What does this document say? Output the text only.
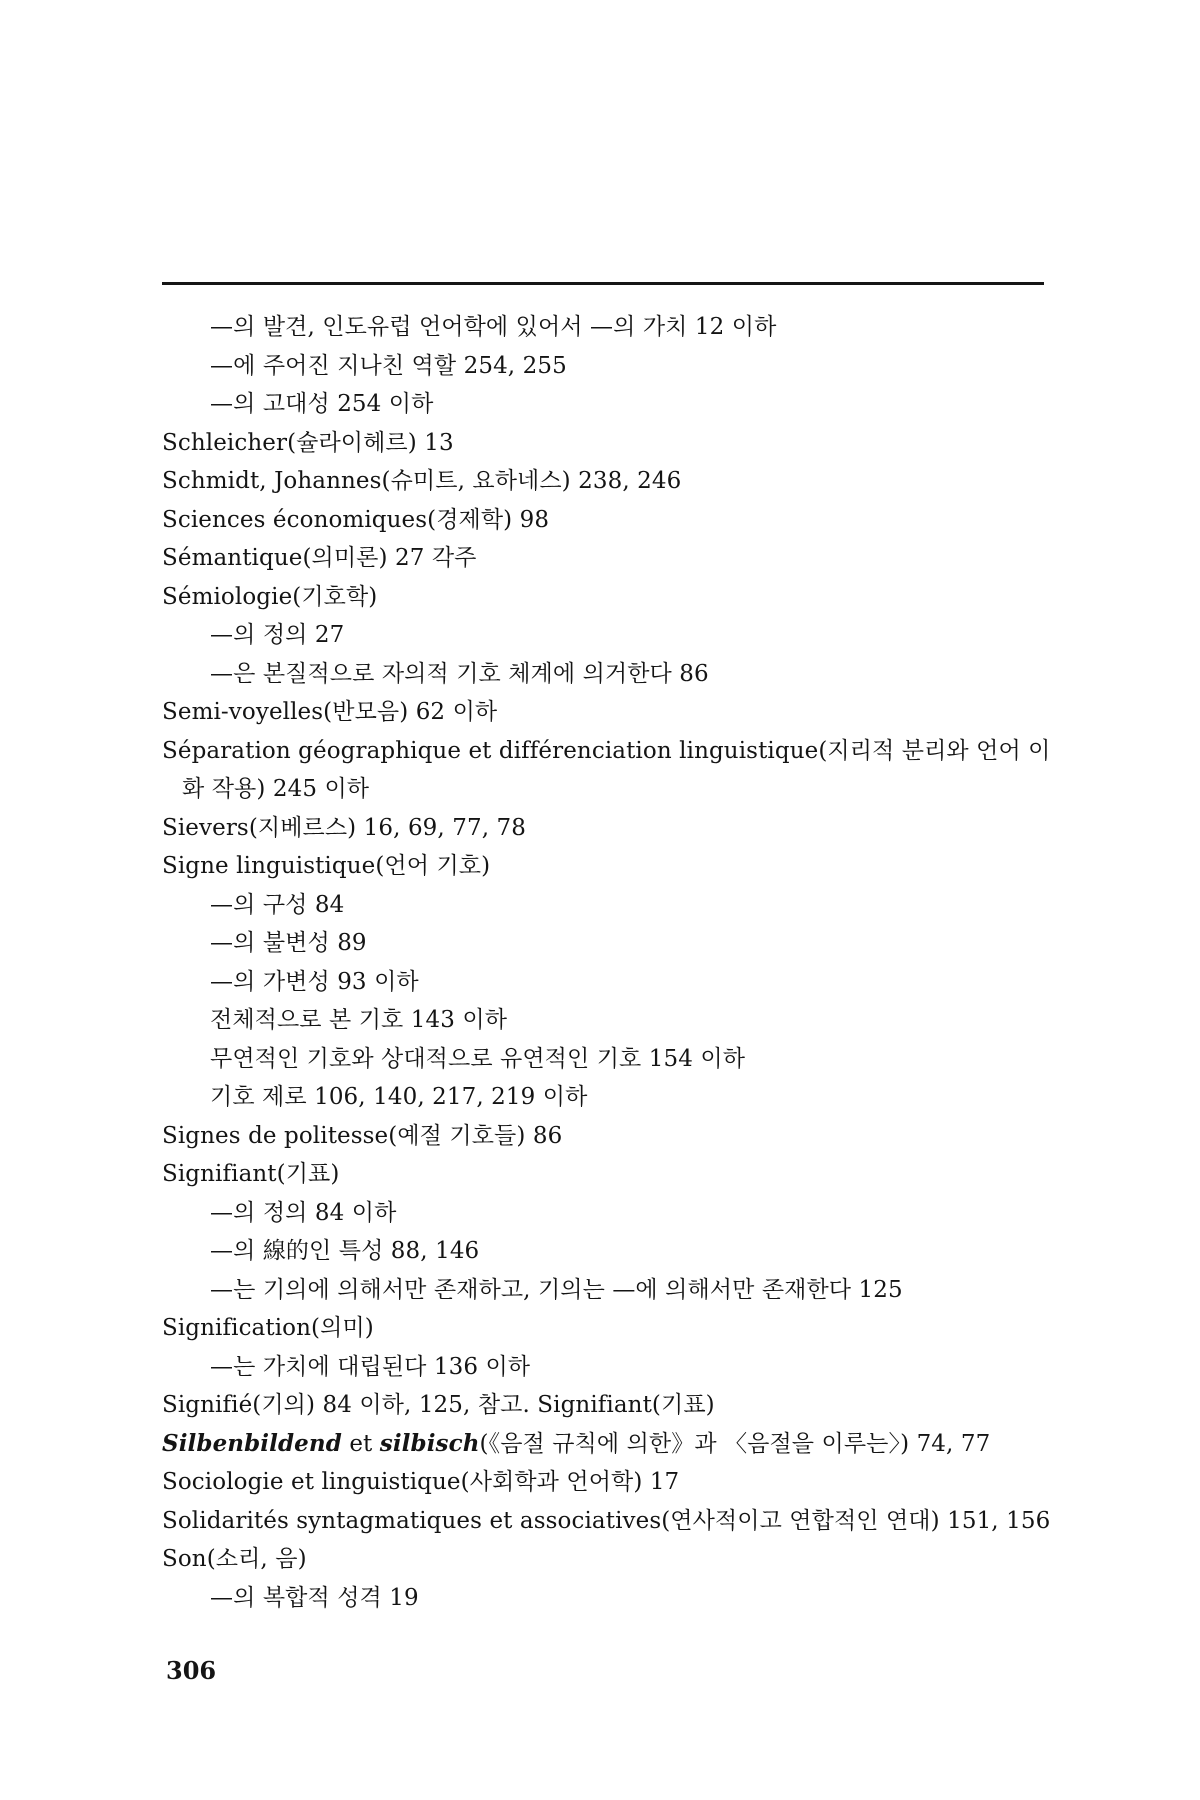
—의 발견, 인도유럽 언어학에 있어서 —의 가치 12 이하
—에 주어진 지나친 역할 254, 255
—의 고대성 254 이하
Schleicher(슐라이헤르) 13
Schmidt, Johannes(슈미트, 요하네스) 238, 246
Sciences économiques(경제학) 98
Sémantique(의미론) 27 각주
Sémiologie(기호학)
—의 정의 27
—은 본질적으로 자의적 기호 체계에 의거한다 86
Semi-voyelles(반모음) 62 이하
Séparation géographique et différenciation linguistique(지리적 분리와 언어 이
화 작용) 245 이하
Sievers(지베르스) 16, 69, 77, 78
Signe linguistique(언어 기호)
—의 구성 84
—의 불변성 89
—의 가변성 93 이하
전체적으로 본 기호 143 이하
무연적인 기호와 상대적으로 유연적인 기호 154 이하
기호 제로 106, 140, 217, 219 이하
Signes de politesse(예절 기호들) 86
Signifiant(기표)
—의 정의 84 이하
—의 線的인 특성 88, 146
—는 기의에 의해서만 존재하고, 기의는 —에 의해서만 존재한다 125
Signification(의미)
—는 가치에 대립된다 136 이하
Signifié(기의) 84 이하, 125, 참고. Signifiant(기표)
Silbenbildend et silbisch(《음절 규칙에 의한》과 〈음절을 이루는〉) 74, 77
Sociologie et linguistique(사회학과 언어학) 17
Solidarités syntagmatiques et associatives(연사적이고 연합적인 연대) 151, 156
Son(소리, 음)
—의 복합적 성격 19
306
